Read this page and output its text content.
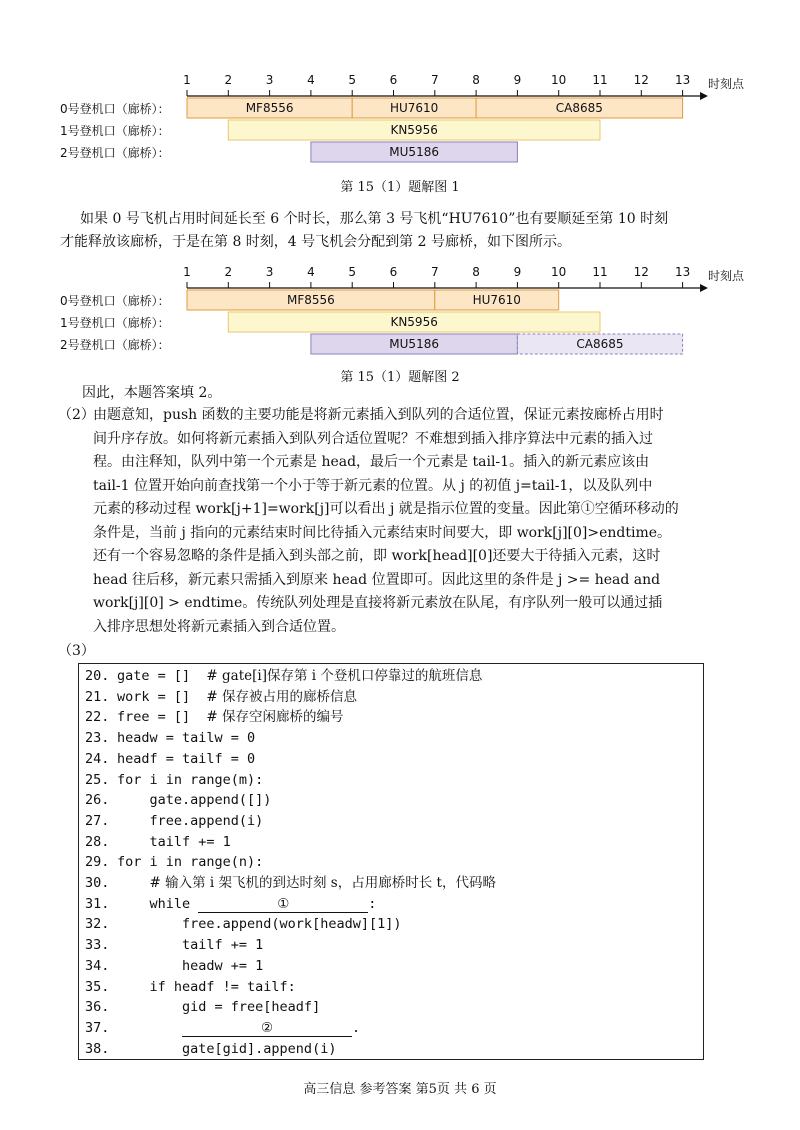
1	2	3	4	5	6	7	8	9 10 11 12 13 时刻点
0号登机口（廊桥）：
1号登机口（廊桥）：
2号登机口（廊桥）：
MF8556	HU7610	CA8685
KN5956
MU5186
第 15（1）题解图 1

如果 0 号飞机占用时间延长至 6 个时长，那么第 3 号飞机“HU7610”也有要顺延至第 10 时刻

才能释放该廊桥，于是在第 8 时刻，4 号飞机会分配到第 2 号廊桥，如下图所示。

1	2	3	4	5	6	7	8	9 10 11 12 13 时刻点
0号登机口（廊桥）：
1号登机口（廊桥）：
2号登机口（廊桥）：
MF8556	HU7610
KN5956
MU5186	CA8685
第 15（1）题解图 2
因此，本题答案填 2。
（2）

由题意知，push 函数的主要功能是将新元素插入到队列的合适位置，保证元素按廊桥占用时

间升序存放。如何将新元素插入到队列合适位置呢？不难想到插入排序算法中元素的插入过

程。由注释知，队列中第一个元素是 head，最后一个元素是 tail-1。插入的新元素应该由

tail-1 位置开始向前查找第一个小于等于新元素的位置。从 j 的初值 j=tail-1，以及队列中

元素的移动过程 work[j+1]=work[j]可以看出 j 就是指示位置的变量。因此第①空循环移动的

条件是，当前 j 指向的元素结束时间比待插入元素结束时间要大，即 work[j][0]>endtime。

还有一个容易忽略的条件是插入到头部之前，即 work[head][0]还要大于待插入元素，这时

head 往后移，新元素只需插入到原来 head 位置即可。因此这里的条件是 j >= head and

work[j][0] > endtime。传统队列处理是直接将新元素放在队尾，有序队列一般可以通过插

入排序思想处将新元素插入到合适位置。

（3）
20. gate = []  # gate[i]保存第 i 个登机口停靠过的航班信息
21. work = []  # 保存被占用的廊桥信息
22. free = []  # 保存空闲廊桥的编号
23. headw = tailw = 0
24. headf = tailf = 0
25. for i in range(m):
26.    gate.append([])
27.    free.append(i)
28.    tailf += 1
29. for i in range(n):
30.	# 输入第 i 架飞机的到达时刻 s，占用廊桥时长 t，代码略
31.    while	①	:
32.        free.append(work[headw][1])
33.        tailf += 1
34.        headw += 1
35.    if headf != tailf:
36.        gid = free[headf]
37.	②	.
38.        gate[gid].append(i)
高三信息 参考答案 第5页 共 6 页
